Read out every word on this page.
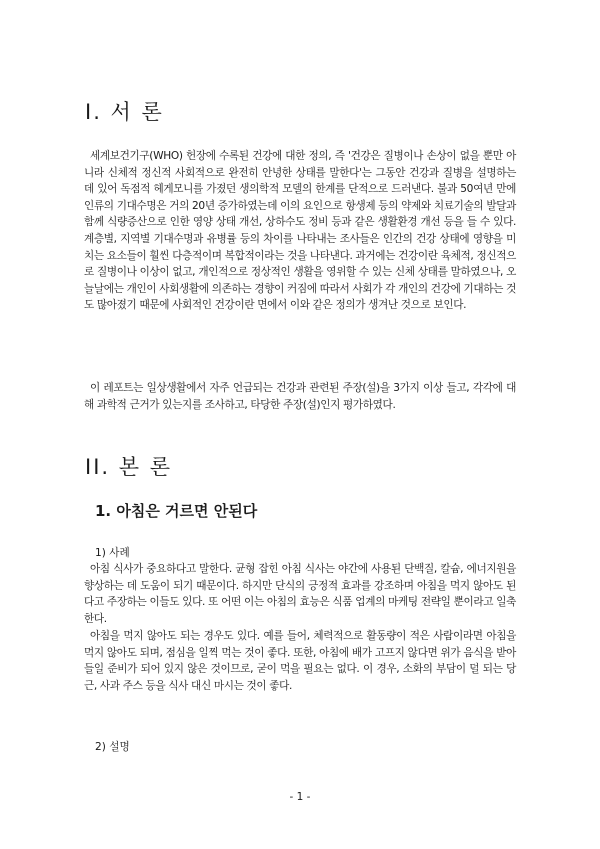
I. 서 론

세계보건기구(WHO) 헌장에 수록된 건강에 대한 정의, 즉 '건강은 질병이나 손상이 없을 뿐만 아니라 신체적 정신적 사회적으로 완전히 안녕한 상태를 말한다'는 그동안 건강과 질병을 설명하는 데 있어 독점적 헤게모니를 가졌던 생의학적 모델의 한계를 단적으로 드러낸다. 불과 50여년 만에 인류의 기대수명은 거의 20년 증가하였는데 이의 요인으로 항생제 등의 약제와 치료기술의 발달과 함께 식량증산으로 인한 영양 상태 개선, 상하수도 정비 등과 같은 생활환경 개선 등을 들 수 있다. 계층별, 지역별 기대수명과 유병률 등의 차이를 나타내는 조사들은 인간의 건강 상태에 영향을 미치는 요소들이 훨씬 다층적이며 복합적이라는 것을 나타낸다. 과거에는 건강이란 육체적, 정신적으로 질병이나 이상이 없고, 개인적으로 정상적인 생활을 영위할 수 있는 신체 상태를 말하였으나, 오늘날에는 개인이 사회생활에 의존하는 경향이 커짐에 따라서 사회가 각 개인의 건강에 기대하는 것도 많아졌기 때문에 사회적인 건강이란 면에서 이와 같은 정의가 생겨난 것으로 보인다.

이 레포트는 일상생활에서 자주 언급되는 건강과 관련된 주장(설)을 3가지 이상 들고, 각각에 대해 과학적 근거가 있는지를 조사하고, 타당한 주장(설)인지 평가하였다.

II. 본 론
1. 아침은 거르면 안된다
1) 사례

아침 식사가 중요하다고 말한다. 균형 잡힌 아침 식사는 야간에 사용된 단백질, 칼슘, 에너지원을 향상하는 데 도움이 되기 때문이다. 하지만 단식의 긍정적 효과를 강조하며 아침을 먹지 않아도 된다고 주장하는 이들도 있다. 또 어떤 이는 아침의 효능은 식품 업계의 마케팅 전략일 뿐이라고 일축한다.

아침을 먹지 않아도 되는 경우도 있다. 예를 들어, 체력적으로 활동량이 적은 사람이라면 아침을 먹지 않아도 되며, 점심을 일찍 먹는 것이 좋다. 또한, 아침에 배가 고프지 않다면 위가 음식을 받아들일 준비가 되어 있지 않은 것이므로, 굳이 먹을 필요는 없다. 이 경우, 소화의 부담이 덜 되는 당근, 사과 주스 등을 식사 대신 마시는 것이 좋다.

2) 설명
- 1 -
